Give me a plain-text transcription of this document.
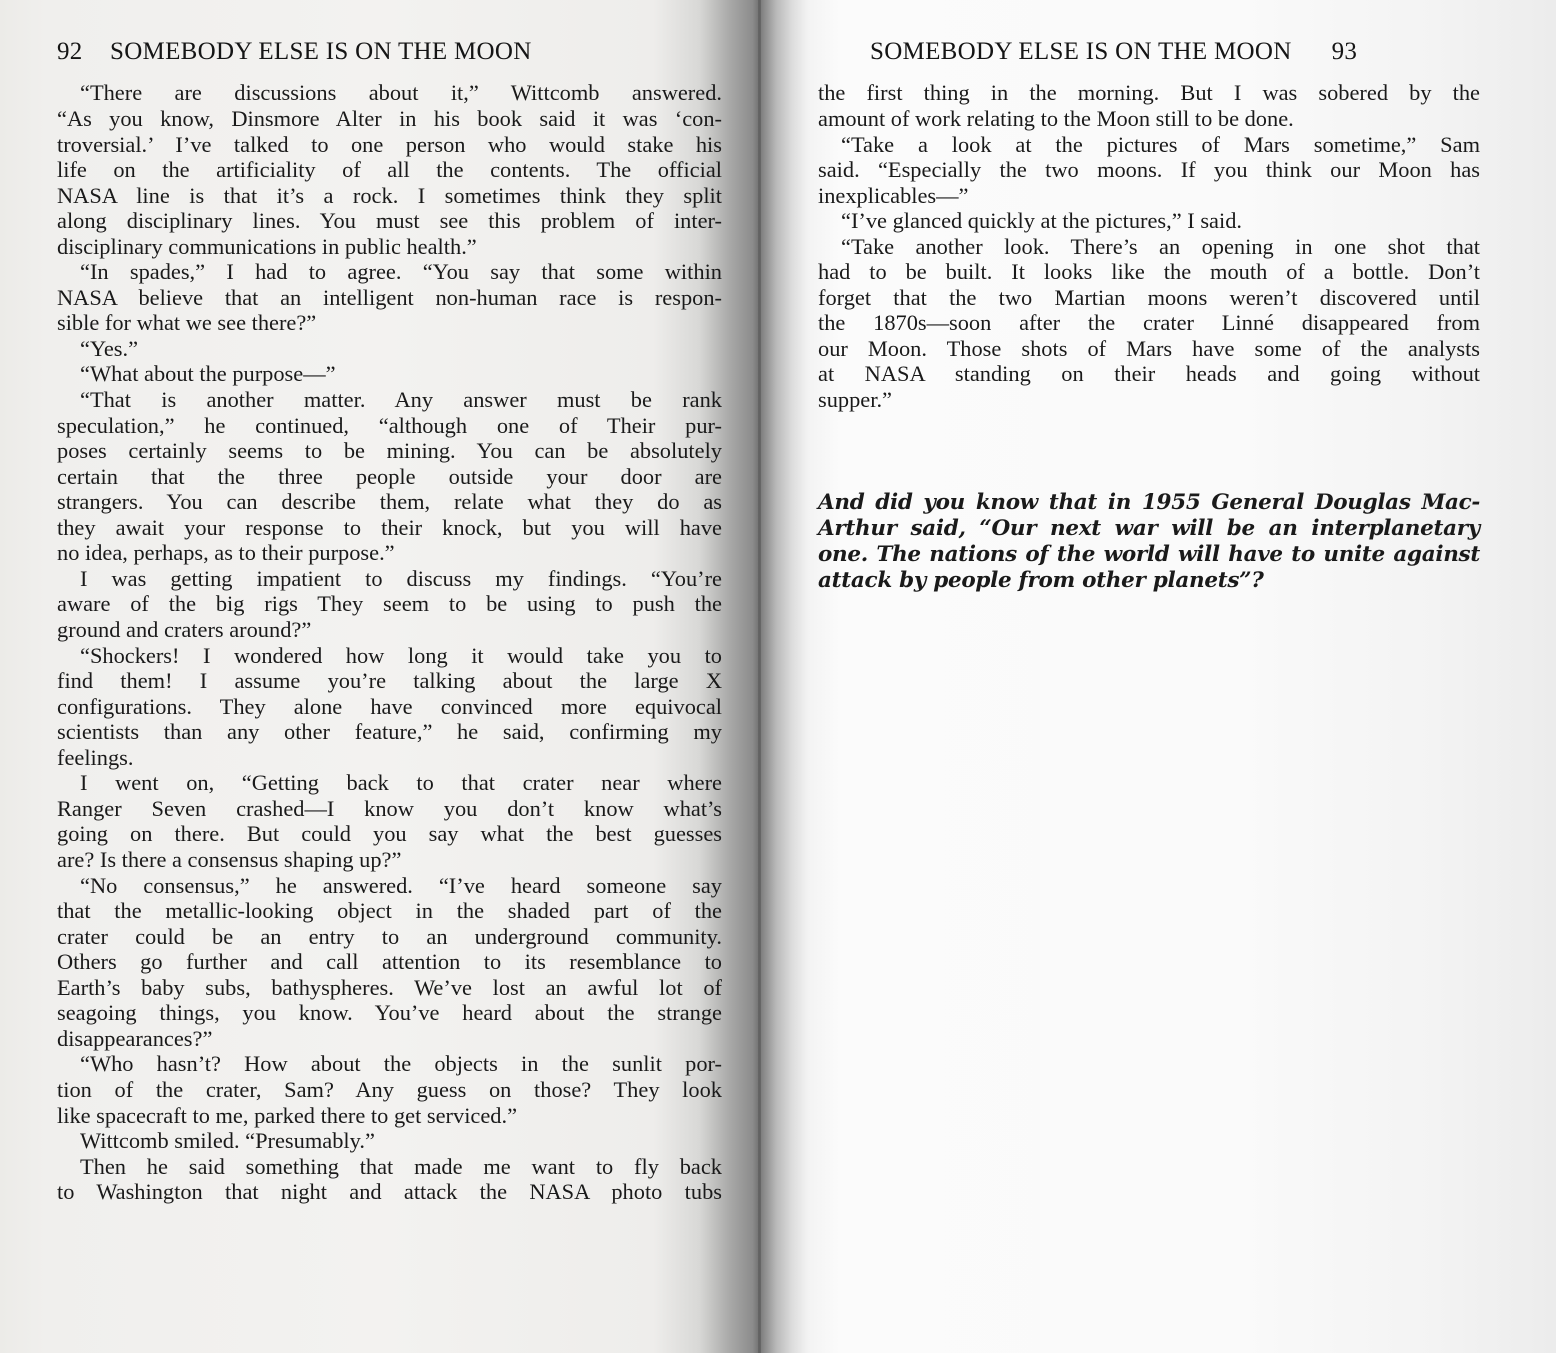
92 SOMEBODY ELSE IS ON THE MOON	SOMEBODY ELSE IS ON THE MOON 93
“There are discussions about it,” Wittcomb answered.
“As you know, Dinsmore Alter in his book said it was ‘con-
troversial.’ I’ve talked to one person who would stake his
life on the artificiality of all the contents. The official
NASA line is that it’s a rock. I sometimes think they split
along disciplinary lines. You must see this problem of inter-
disciplinary communications in public health.”
“In spades,” I had to agree. “You say that some within
NASA believe that an intelligent non-human race is respon-
sible for what we see there?”
“Yes.”
“What about the purpose—”
“That is another matter. Any answer must be rank
speculation,” he continued, “although one of Their pur-
poses certainly seems to be mining. You can be absolutely
certain that the three people outside your door are
strangers. You can describe them, relate what they do as
they await your response to their knock, but you will have
no idea, perhaps, as to their purpose.”
I was getting impatient to discuss my findings. “You’re
aware of the big rigs They seem to be using to push the
ground and craters around?”
“Shockers! I wondered how long it would take you to
find them! I assume you’re talking about the large X
configurations. They alone have convinced more equivocal
scientists than any other feature,” he said, confirming my
feelings.
I went on, “Getting back to that crater near where
Ranger Seven crashed—I know you don’t know what’s
going on there. But could you say what the best guesses
are? Is there a consensus shaping up?”
“No consensus,” he answered. “I’ve heard someone say
that the metallic-looking object in the shaded part of the
crater could be an entry to an underground community.
Others go further and call attention to its resemblance to
Earth’s baby subs, bathyspheres. We’ve lost an awful lot of
seagoing things, you know. You’ve heard about the strange
disappearances?”
“Who hasn’t? How about the objects in the sunlit por-
tion of the crater, Sam? Any guess on those? They look
like spacecraft to me, parked there to get serviced.”
Wittcomb smiled. “Presumably.”
Then he said something that made me want to fly back
to Washington that night and attack the NASA photo tubs
the first thing in the morning. But I was sobered by the
amount of work relating to the Moon still to be done.
“Take a look at the pictures of Mars sometime,” Sam
said. “Especially the two moons. If you think our Moon has
inexplicables—”
“I’ve glanced quickly at the pictures,” I said.
“Take another look. There’s an opening in one shot that
had to be built. It looks like the mouth of a bottle. Don’t
forget that the two Martian moons weren’t discovered until
the 1870s—soon after the crater Linné disappeared from
our Moon. Those shots of Mars have some of the analysts
at NASA standing on their heads and going without
supper.”
And did you know that in 1955 General Douglas Mac-
Arthur said, “Our next war will be an interplanetary
one. The nations of the world will have to unite against
attack by people from other planets”?
